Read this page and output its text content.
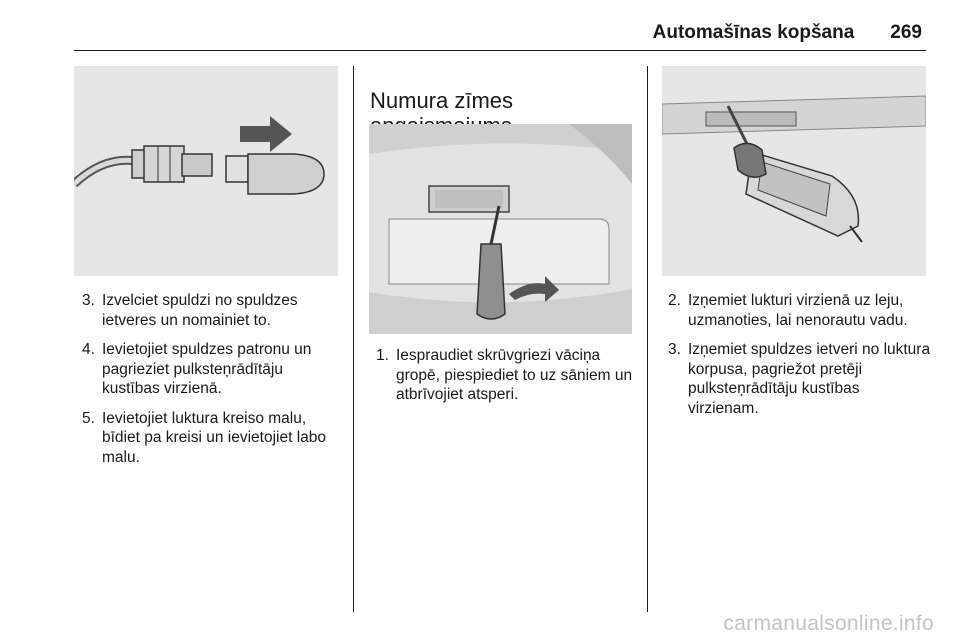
Automašīnas kopšana 269
3. Izvelciet spuldzi no spuldzes ietveres un nomainiet to.
4. Ievietojiet spuldzes patronu un pagrieziet pulksteņrādītāju kustības virzienā.
5. Ievietojiet luktura kreiso malu, bīdiet pa kreisi un ievietojiet labo malu.
Numura zīmes
1. Iespraudiet skrūvgriezi vāciņa gropē, piespiediet to uz sāniem un atbrīvojiet atsperi.
2. Izņemiet lukturi virzienā uz leju, uzmanoties, lai nenorautu vadu.
3. Izņemiet spuldzes ietveri no luktura korpusa, pagriežot pretēji pulksteņrādītāju kustības virzienam.
carmanualsonline.info
